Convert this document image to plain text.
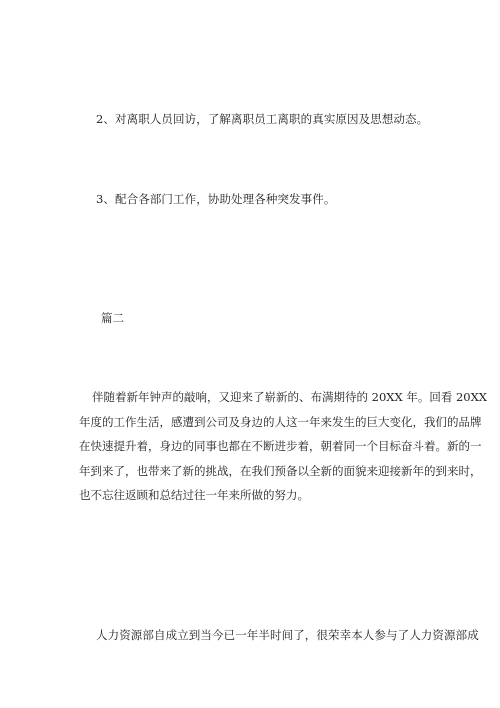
2、对离职人员回访，了解离职员工离职的真实原因及思想动态。
3、配合各部门工作，协助处理各种突发事件。
篇二
伴随着新年钟声的敲响，又迎来了崭新的、布满期待的 20XX 年。回看 20XX
年度的工作生活，感遭到公司及身边的人这一年来发生的巨大变化，我们的品牌
在快速提升着，身边的同事也都在不断进步着，朝着同一个目标奋斗着。新的一
年到来了，也带来了新的挑战，在我们预备以全新的面貌来迎接新年的到来时，
也不忘往返顾和总结过往一年来所做的努力。
人力资源部自成立到当今已一年半时间了，很荣幸本人参与了人力资源部成
